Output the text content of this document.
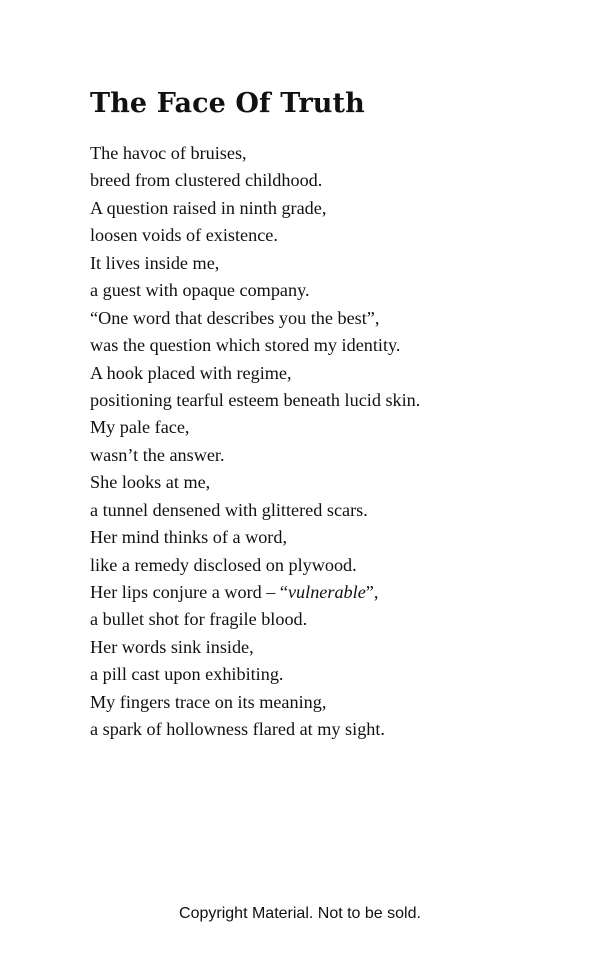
The Face Of Truth
The havoc of bruises,
breed from clustered childhood.
A question raised in ninth grade,
loosen voids of existence.
It lives inside me,
a guest with opaque company.
“One word that describes you the best”,
was the question which stored my identity.
A hook placed with regime,
positioning tearful esteem beneath lucid skin.
My pale face,
wasn’t the answer.
She looks at me,
a tunnel densened with glittered scars.
Her mind thinks of a word,
like a remedy disclosed on plywood.
Her lips conjure a word – “vulnerable”,
a bullet shot for fragile blood.
Her words sink inside,
a pill cast upon exhibiting.
My fingers trace on its meaning,
a spark of hollowness flared at my sight.
Copyright Material. Not to be sold.
